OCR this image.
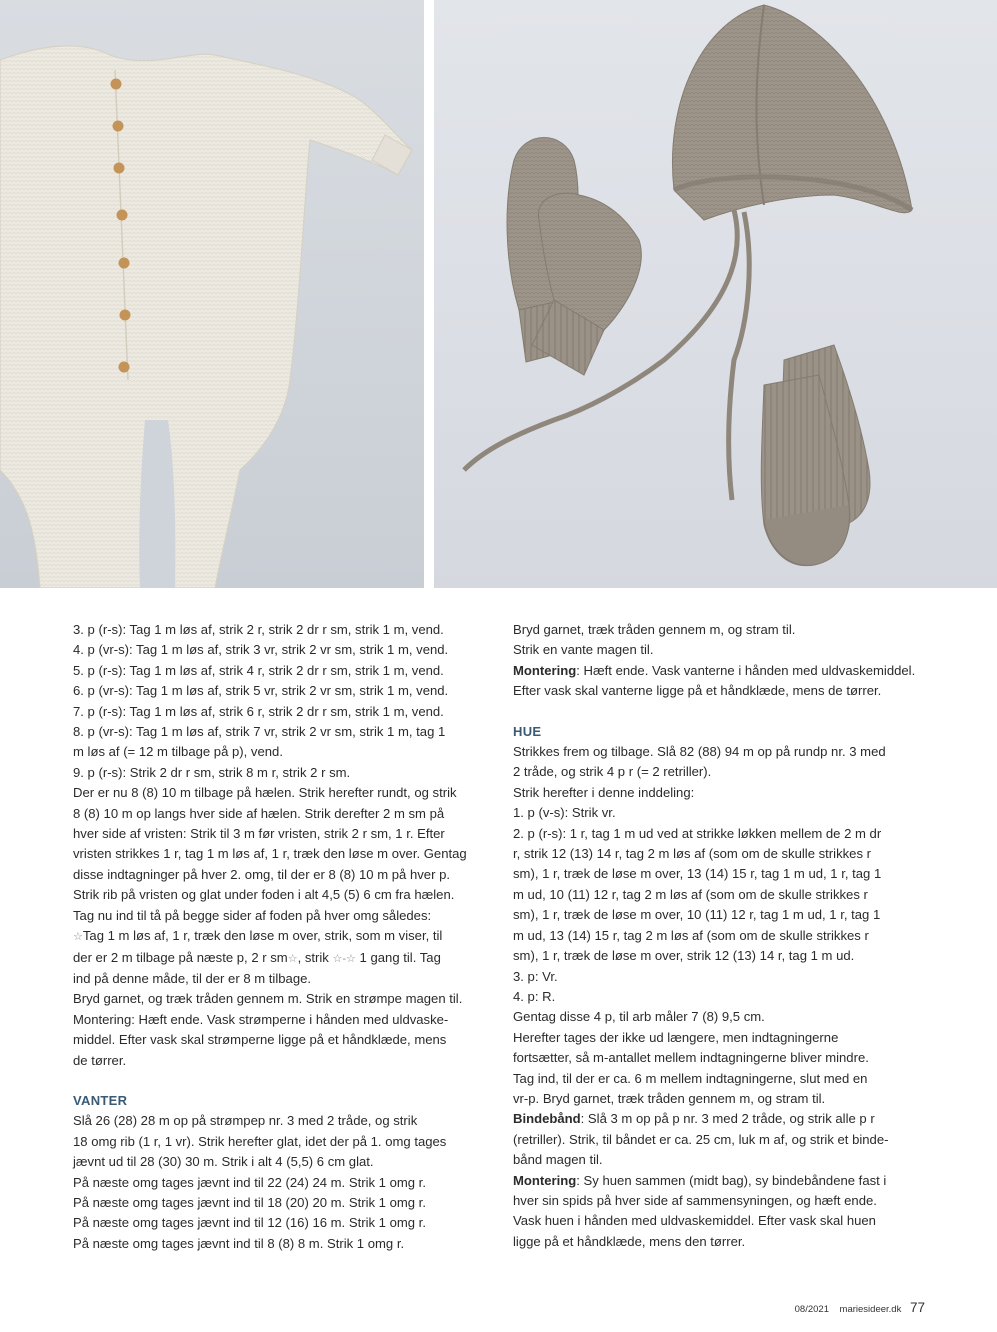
3. p (r-s): Tag 1 m løs af, strik 2 r, strik 2 dr r sm, strik 1 m, vend.

4. p (vr-s): Tag 1 m løs af, strik 3 vr, strik 2 vr sm, strik 1 m, vend.

5. p (r-s): Tag 1 m løs af, strik 4 r, strik 2 dr r sm, strik 1 m, vend.

6. p (vr-s): Tag 1 m løs af, strik 5 vr, strik 2 vr sm, strik 1 m, vend.

7. p (r-s): Tag 1 m løs af, strik 6 r, strik 2 dr r sm, strik 1 m, vend.

8. p (vr-s): Tag 1 m løs af, strik 7 vr, strik 2 vr sm, strik 1 m, tag 1

m løs af (= 12 m tilbage på p), vend.

9. p (r-s): Strik 2 dr r sm, strik 8 m r, strik 2 r sm.

Der er nu 8 (8) 10 m tilbage på hælen. Strik herefter rundt, og strik

8 (8) 10 m op langs hver side af hælen. Strik derefter 2 m sm på

hver side af vristen: Strik til 3 m før vristen, strik 2 r sm, 1 r. Efter

vristen strikkes 1 r, tag 1 m løs af, 1 r, træk den løse m over. Gentag

disse indtagninger på hver 2. omg, til der er 8 (8) 10 m på hver p.

Strik rib på vristen og glat under foden i alt 4,5 (5) 6 cm fra hælen.

Tag nu ind til tå på begge sider af foden på hver omg således:

☆Tag 1 m løs af, 1 r, træk den løse m over, strik, som m viser, til

der er 2 m tilbage på næste p, 2 r sm☆, strik ☆-☆ 1 gang til. Tag

ind på denne måde, til der er 8 m tilbage.

Bryd garnet, og træk tråden gennem m. Strik en strømpe magen til.

Montering: Hæft ende. Vask strømperne i hånden med uldvaske-

middel. Efter vask skal strømperne ligge på et håndklæde, mens

de tørrer.

VANTER

Slå 26 (28) 28 m op på strømpep nr. 3 med 2 tråde, og strik

18 omg rib (1 r, 1 vr). Strik herefter glat, idet der på 1. omg tages

jævnt ud til 28 (30) 30 m. Strik i alt 4 (5,5) 6 cm glat.

På næste omg tages jævnt ind til 22 (24) 24 m. Strik 1 omg r.

På næste omg tages jævnt ind til 18 (20) 20 m. Strik 1 omg r.

På næste omg tages jævnt ind til 12 (16) 16 m. Strik 1 omg r.

På næste omg tages jævnt ind til 8 (8) 8 m. Strik 1 omg r.

Bryd garnet, træk tråden gennem m, og stram til.

Strik en vante magen til.

Montering: Hæft ende. Vask vanterne i hånden med uldvaskemiddel.

Efter vask skal vanterne ligge på et håndklæde, mens de tørrer.

HUE

Strikkes frem og tilbage. Slå 82 (88) 94 m op på rundp nr. 3 med

2 tråde, og strik 4 p r (= 2 retriller).

Strik herefter i denne inddeling:

1. p (v-s): Strik vr.

2. p (r-s): 1 r, tag 1 m ud ved at strikke løkken mellem de 2 m dr

r, strik 12 (13) 14 r, tag 2 m løs af (som om de skulle strikkes r

sm), 1 r, træk de løse m over, 13 (14) 15 r, tag 1 m ud, 1 r, tag 1

m ud, 10 (11) 12 r, tag 2 m løs af (som om de skulle strikkes r

sm), 1 r, træk de løse m over, 10 (11) 12 r, tag 1 m ud, 1 r, tag 1

m ud, 13 (14) 15 r, tag 2 m løs af (som om de skulle strikkes r

sm), 1 r, træk de løse m over, strik 12 (13) 14 r, tag 1 m ud.

3. p: Vr.

4. p: R.

Gentag disse 4 p, til arb måler 7 (8) 9,5 cm.

Herefter tages der ikke ud længere, men indtagningerne

fortsætter, så m-antallet mellem indtagningerne bliver mindre.

Tag ind, til der er ca. 6 m mellem indtagningerne, slut med en

vr-p. Bryd garnet, træk tråden gennem m, og stram til.

Bindebånd: Slå 3 m op på p nr. 3 med 2 tråde, og strik alle p r

(retriller). Strik, til båndet er ca. 25 cm, luk m af, og strik et binde-

bånd magen til.

Montering: Sy huen sammen (midt bag), sy bindebåndene fast i

hver sin spids på hver side af sammensyningen, og hæft ende.

Vask huen i hånden med uldvaskemiddel. Efter vask skal huen

ligge på et håndklæde, mens den tørrer.

08/2021 mariesideer.dk 77
